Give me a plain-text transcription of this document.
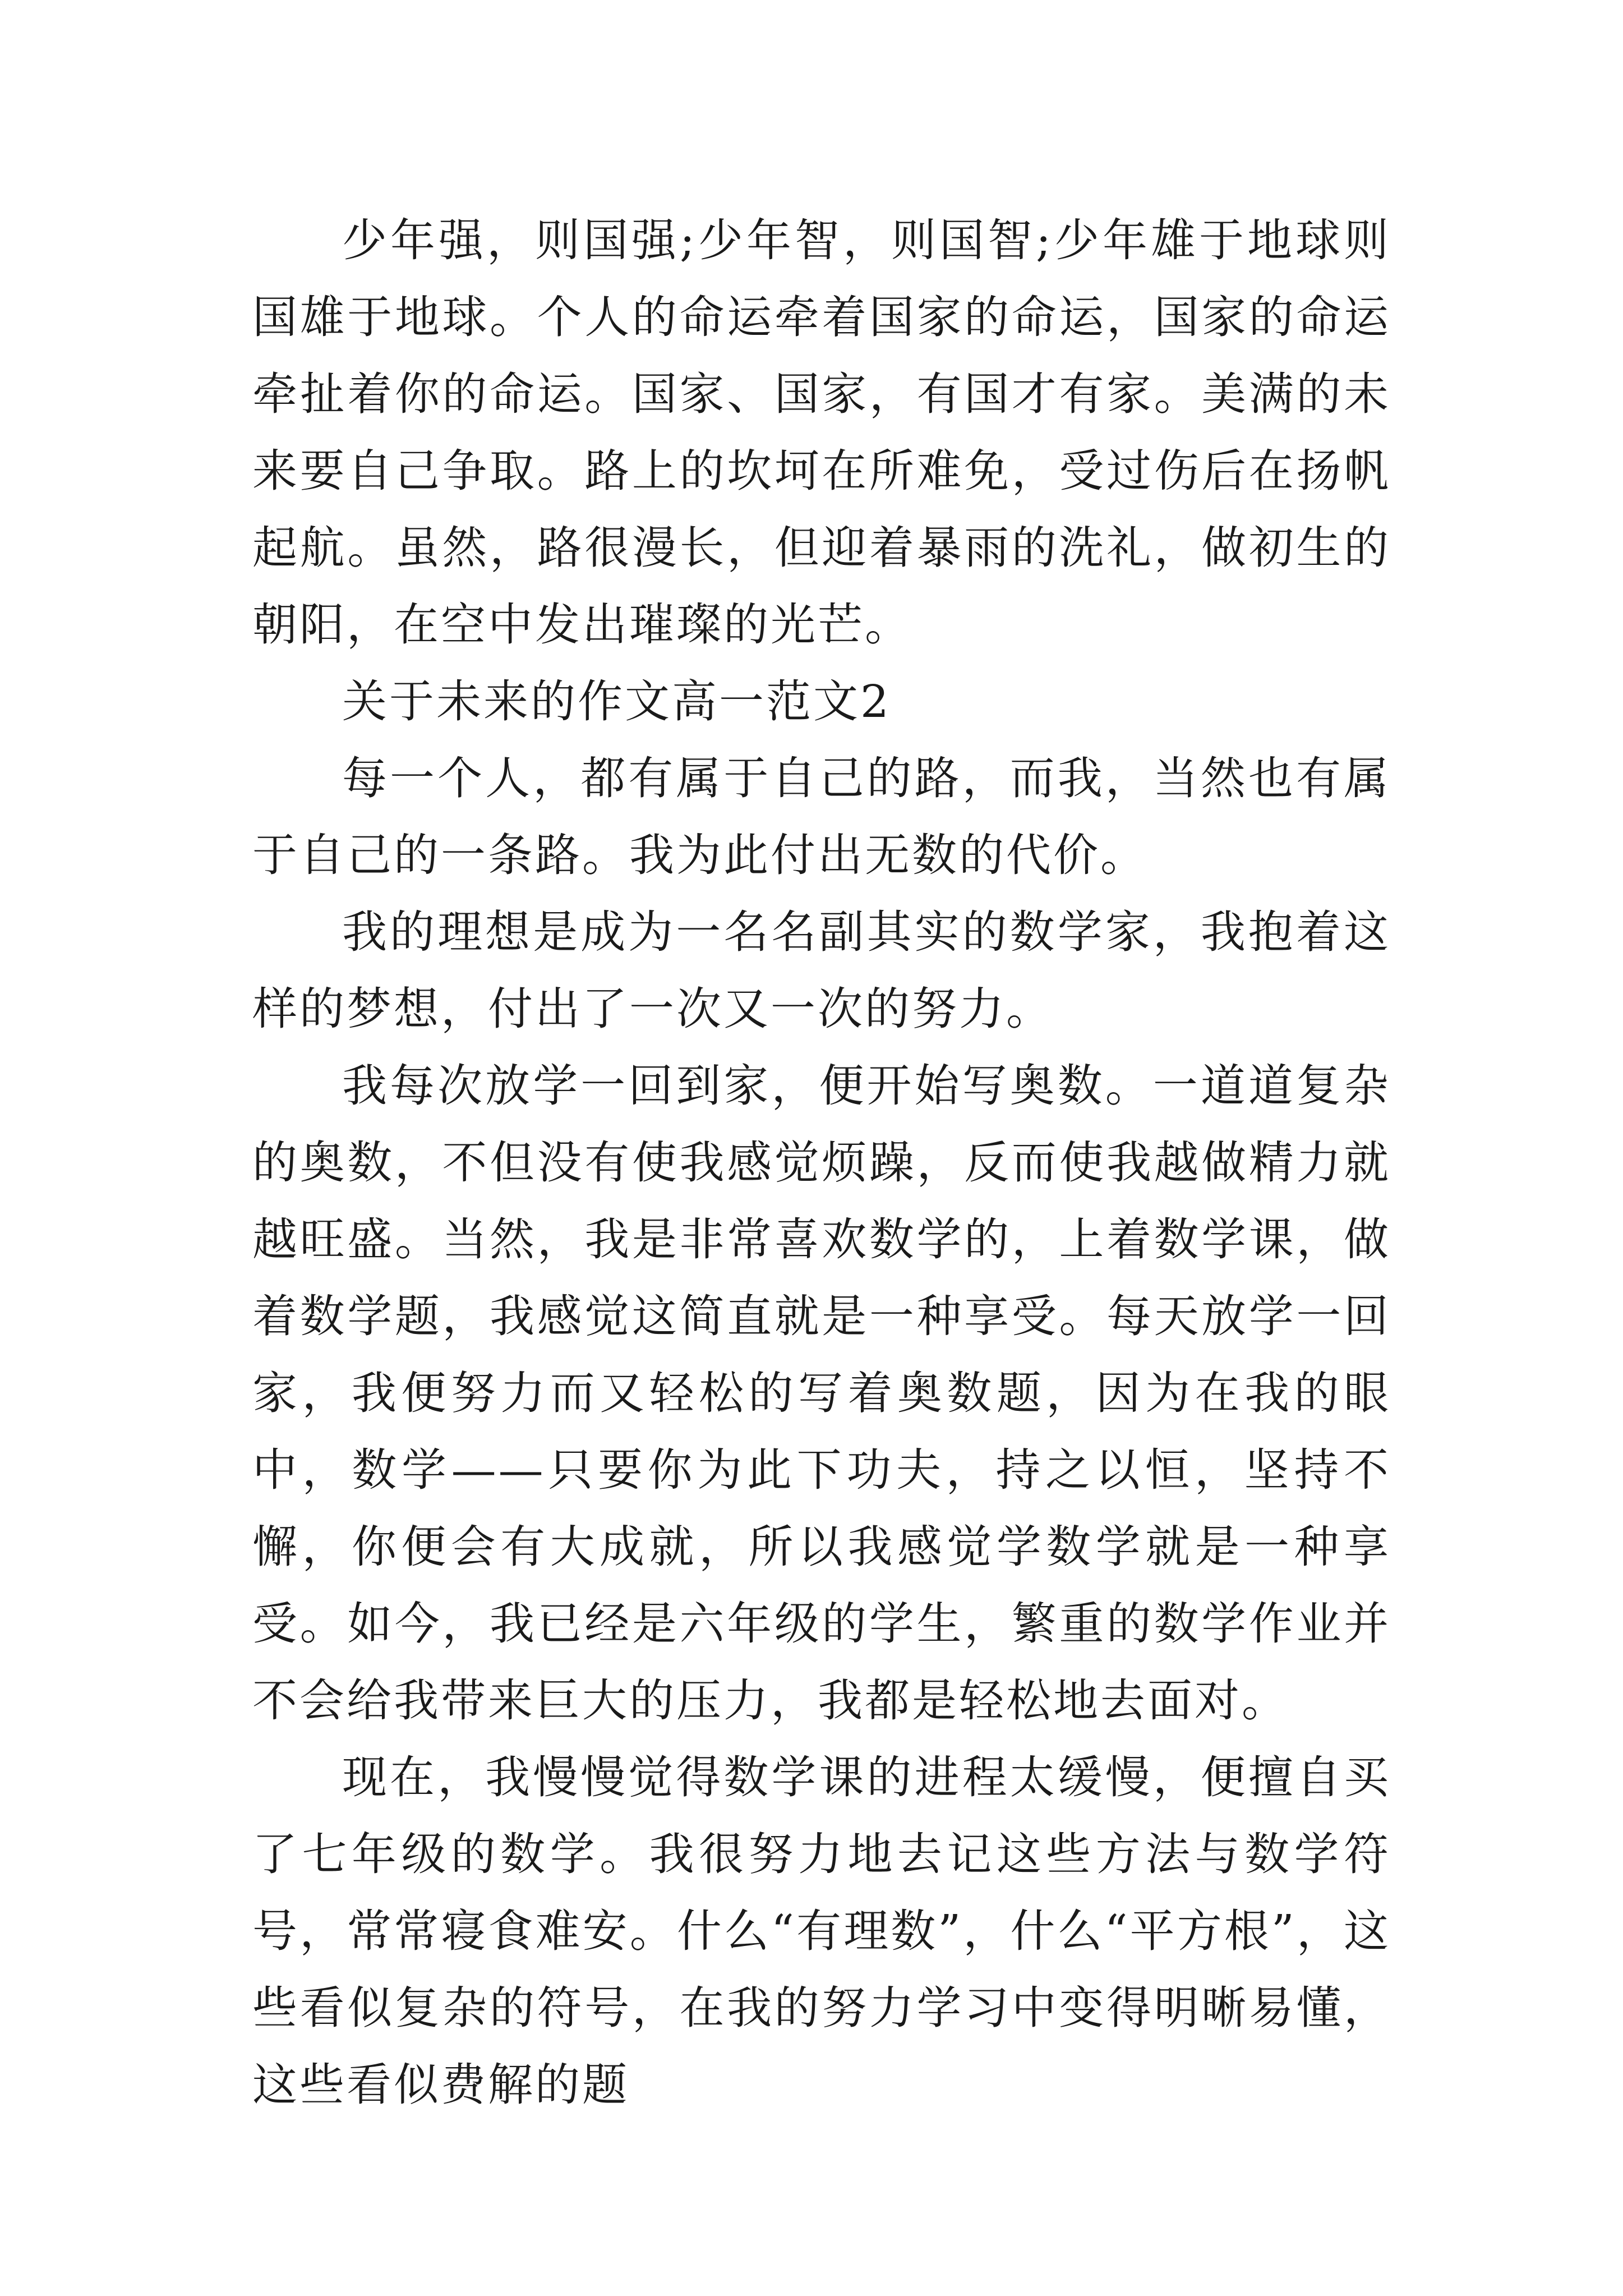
少年强，则国强;少年智，则国智;少年雄于地球则国雄于地球。个人的命运牵着国家的命运，国家的命运牵扯着你的命运。国家、国家，有国才有家。美满的未来要自己争取。路上的坎坷在所难免，受过伤后在扬帆起航。虽然，路很漫长，但迎着暴雨的洗礼，做初生的朝阳，在空中发出璀璨的光芒。

关于未来的作文高一范文2

每一个人，都有属于自己的路，而我，当然也有属于自己的一条路。我为此付出无数的代价。

我的理想是成为一名名副其实的数学家，我抱着这样的梦想，付出了一次又一次的努力。

我每次放学一回到家，便开始写奥数。一道道复杂的奥数，不但没有使我感觉烦躁，反而使我越做精力就越旺盛。当然，我是非常喜欢数学的，上着数学课，做着数学题，我感觉这简直就是一种享受。每天放学一回家，我便努力而又轻松的写着奥数题，因为在我的眼中，数学——只要你为此下功夫，持之以恒，坚持不懈，你便会有大成就，所以我感觉学数学就是一种享受。如今，我已经是六年级的学生，繁重的数学作业并不会给我带来巨大的压力，我都是轻松地去面对。

现在，我慢慢觉得数学课的进程太缓慢，便擅自买了七年级的数学。我很努力地去记这些方法与数学符号，常常寝食难安。什么“有理数”，什么“平方根”，这些看似复杂的符号，在我的努力学习中变得明晰易懂，这些看似费解的题
